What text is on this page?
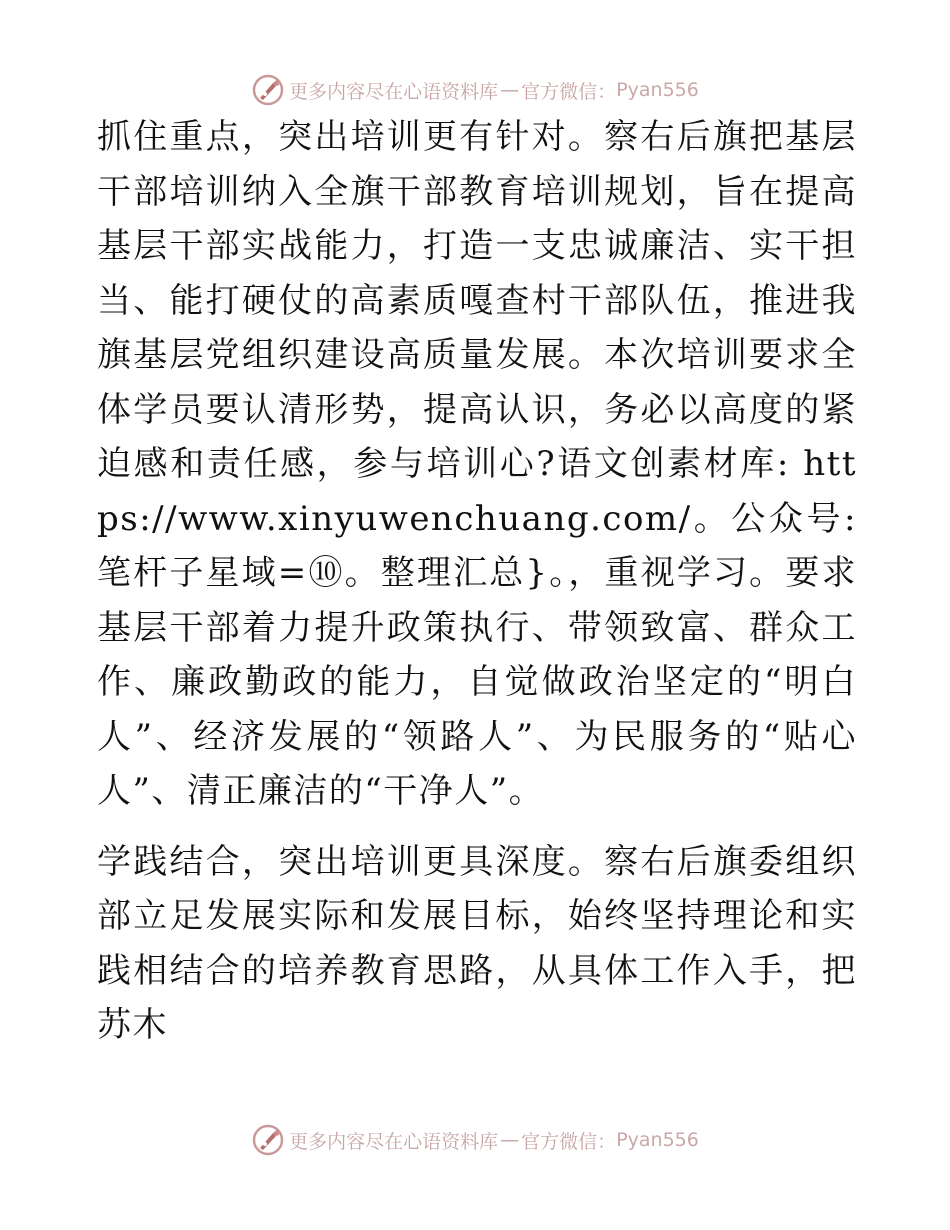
更多内容尽在心语资料库 — 官方微信： Pyan556

抓住重点，突出培训更有针对。察右后旗把基层干部培训纳入全旗干部教育培训规划，旨在提高基层干部实战能力，打造一支忠诚廉洁、实干担当、能打硬仗的高素质嘎查村干部队伍，推进我旗基层党组织建设高质量发展。本次培训要求全体学员要认清形势，提高认识，务必以高度的紧迫感和责任感，参与培训心?语文创素材库: https://www.xinyuwenchuang.com/。公众号: 笔杆子星域=⑩。整理汇总}。，重视学习。要求基层干部着力提升政策执行、带领致富、群众工作、廉政勤政的能力，自觉做政治坚定的“明白人”、经济发展的“领路人”、为民服务的“贴心人”、清正廉洁的“干净人”。

学践结合，突出培训更具深度。察右后旗委组织部立足发展实际和发展目标，始终坚持理论和实践相结合的培养教育思路，从具体工作入手，把苏木

更多内容尽在心语资料库 — 官方微信： Pyan556
